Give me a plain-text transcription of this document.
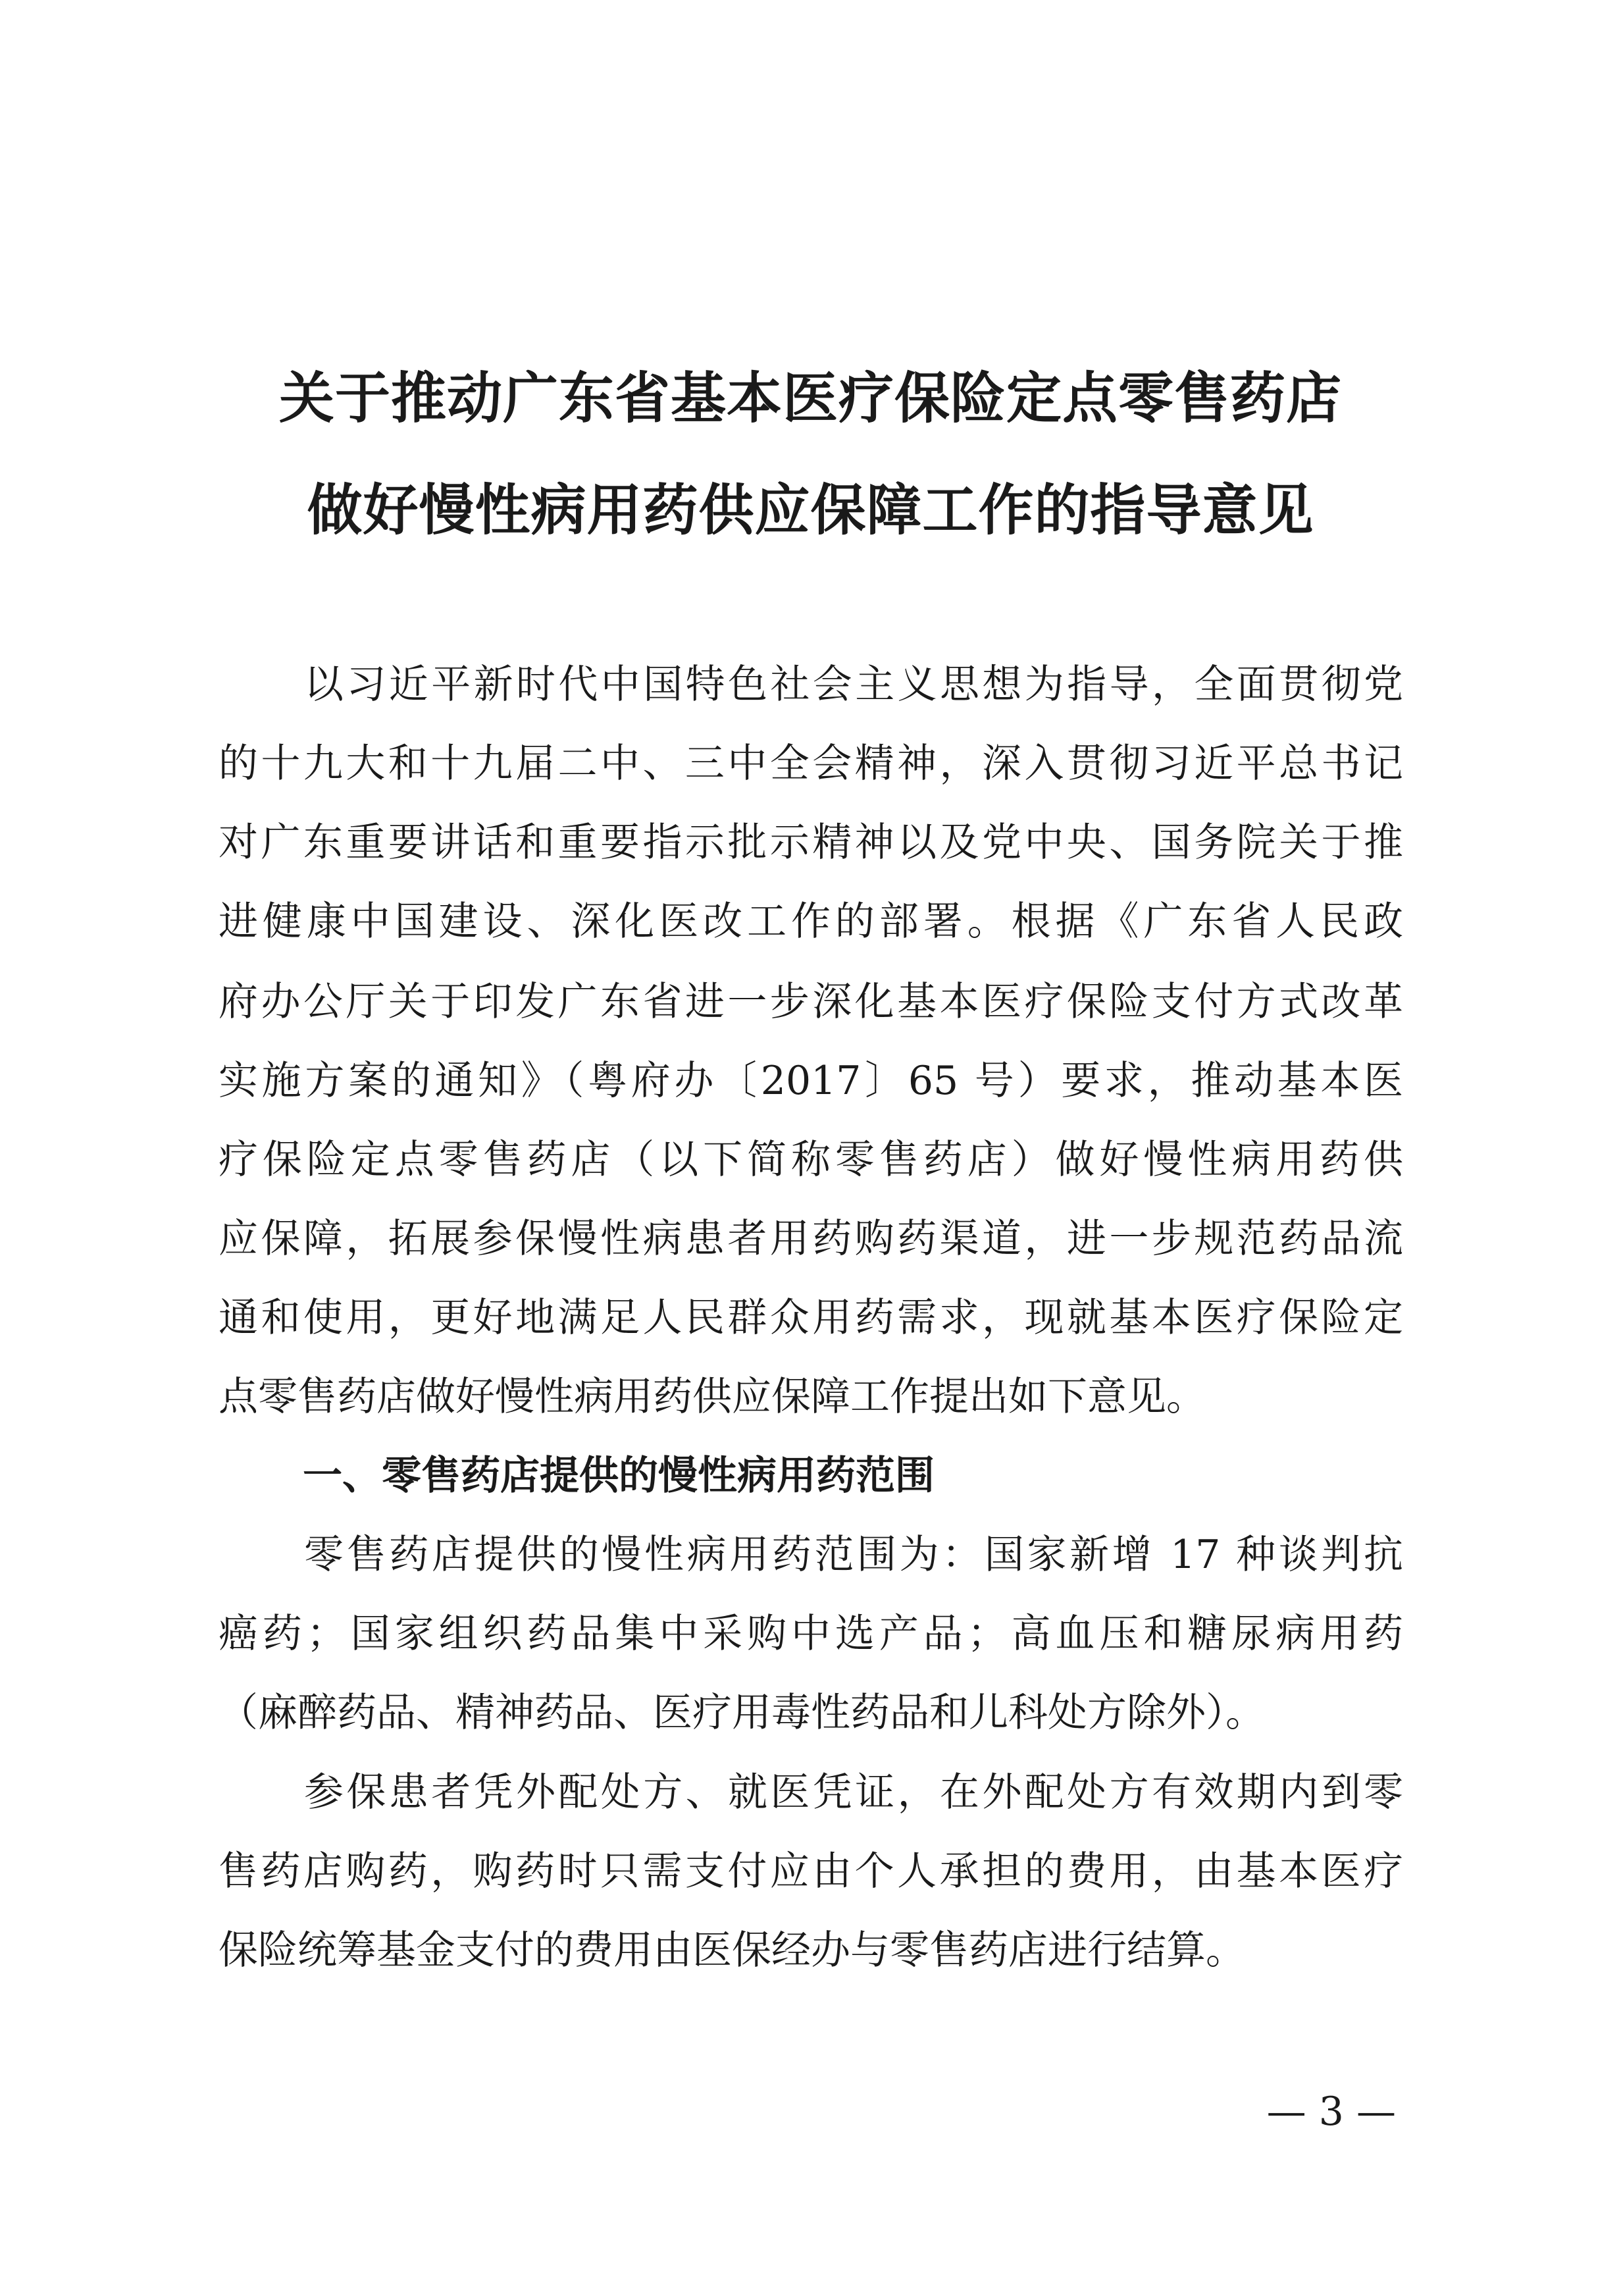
关于推动广东省基本医疗保险定点零售药店
做好慢性病用药供应保障工作的指导意见
以习近平新时代中国特色社会主义思想为指导，全面贯彻党
的十九大和十九届二中、三中全会精神，深入贯彻习近平总书记
对广东重要讲话和重要指示批示精神以及党中央、国务院关于推
进健康中国建设、深化医改工作的部署。根据《广东省人民政
府办公厅关于印发广东省进一步深化基本医疗保险支付方式改革
实施方案的通知》（粤府办〔2017〕65 号）要求，推动基本医
疗保险定点零售药店（以下简称零售药店）做好慢性病用药供
应保障，拓展参保慢性病患者用药购药渠道，进一步规范药品流
通和使用，更好地满足人民群众用药需求，现就基本医疗保险定
点零售药店做好慢性病用药供应保障工作提出如下意见。
一、零售药店提供的慢性病用药范围
零售药店提供的慢性病用药范围为：国家新增 17 种谈判抗
癌药；国家组织药品集中采购中选产品；高血压和糖尿病用药
（麻醉药品、精神药品、医疗用毒性药品和儿科处方除外）。
参保患者凭外配处方、就医凭证，在外配处方有效期内到零
售药店购药，购药时只需支付应由个人承担的费用，由基本医疗
保险统筹基金支付的费用由医保经办与零售药店进行结算。
— 3 —
